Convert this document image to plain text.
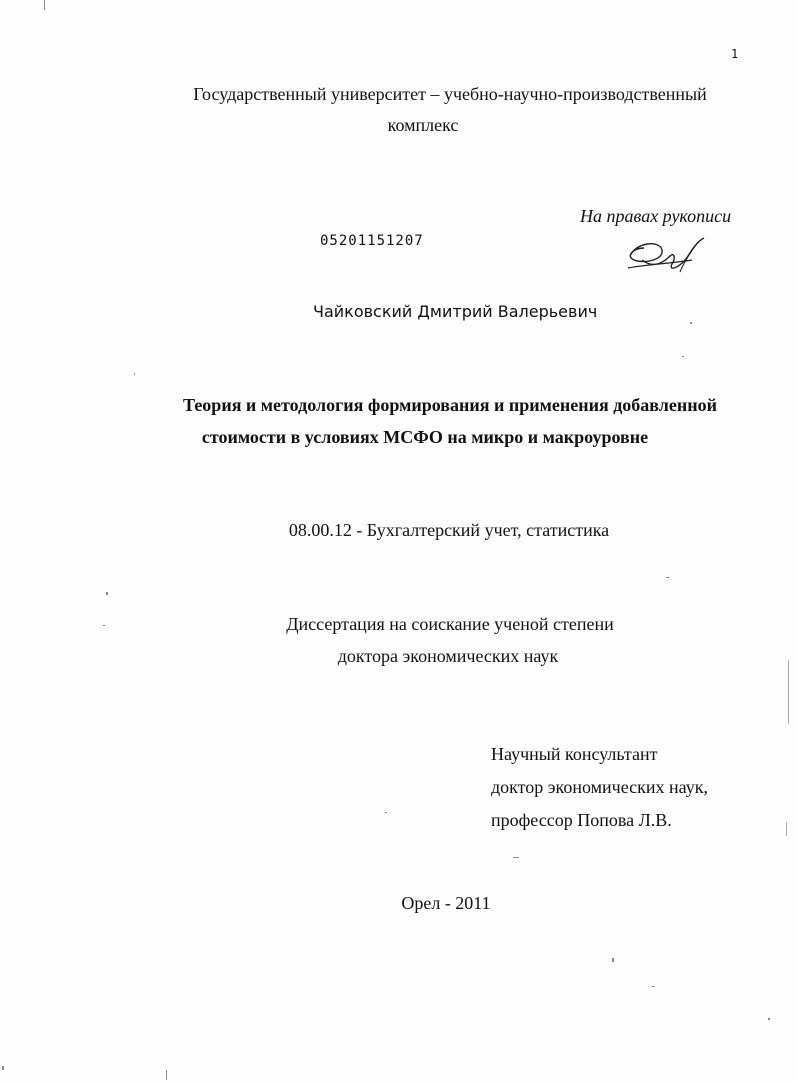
1
Государственный университет – учебно-научно-производственный
комплекс
На правах рукописи
05201151207
Чайковский Дмитрий Валерьевич
Теория и методология формирования и применения добавленной
стоимости в условиях МСФО на микро и макроуровне
08.00.12 - Бухгалтерский учет, статистика
Диссертация на соискание ученой степени
доктора экономических наук
Научный консультант
доктор экономических наук,
профессор Попова Л.В.
Орел - 2011
